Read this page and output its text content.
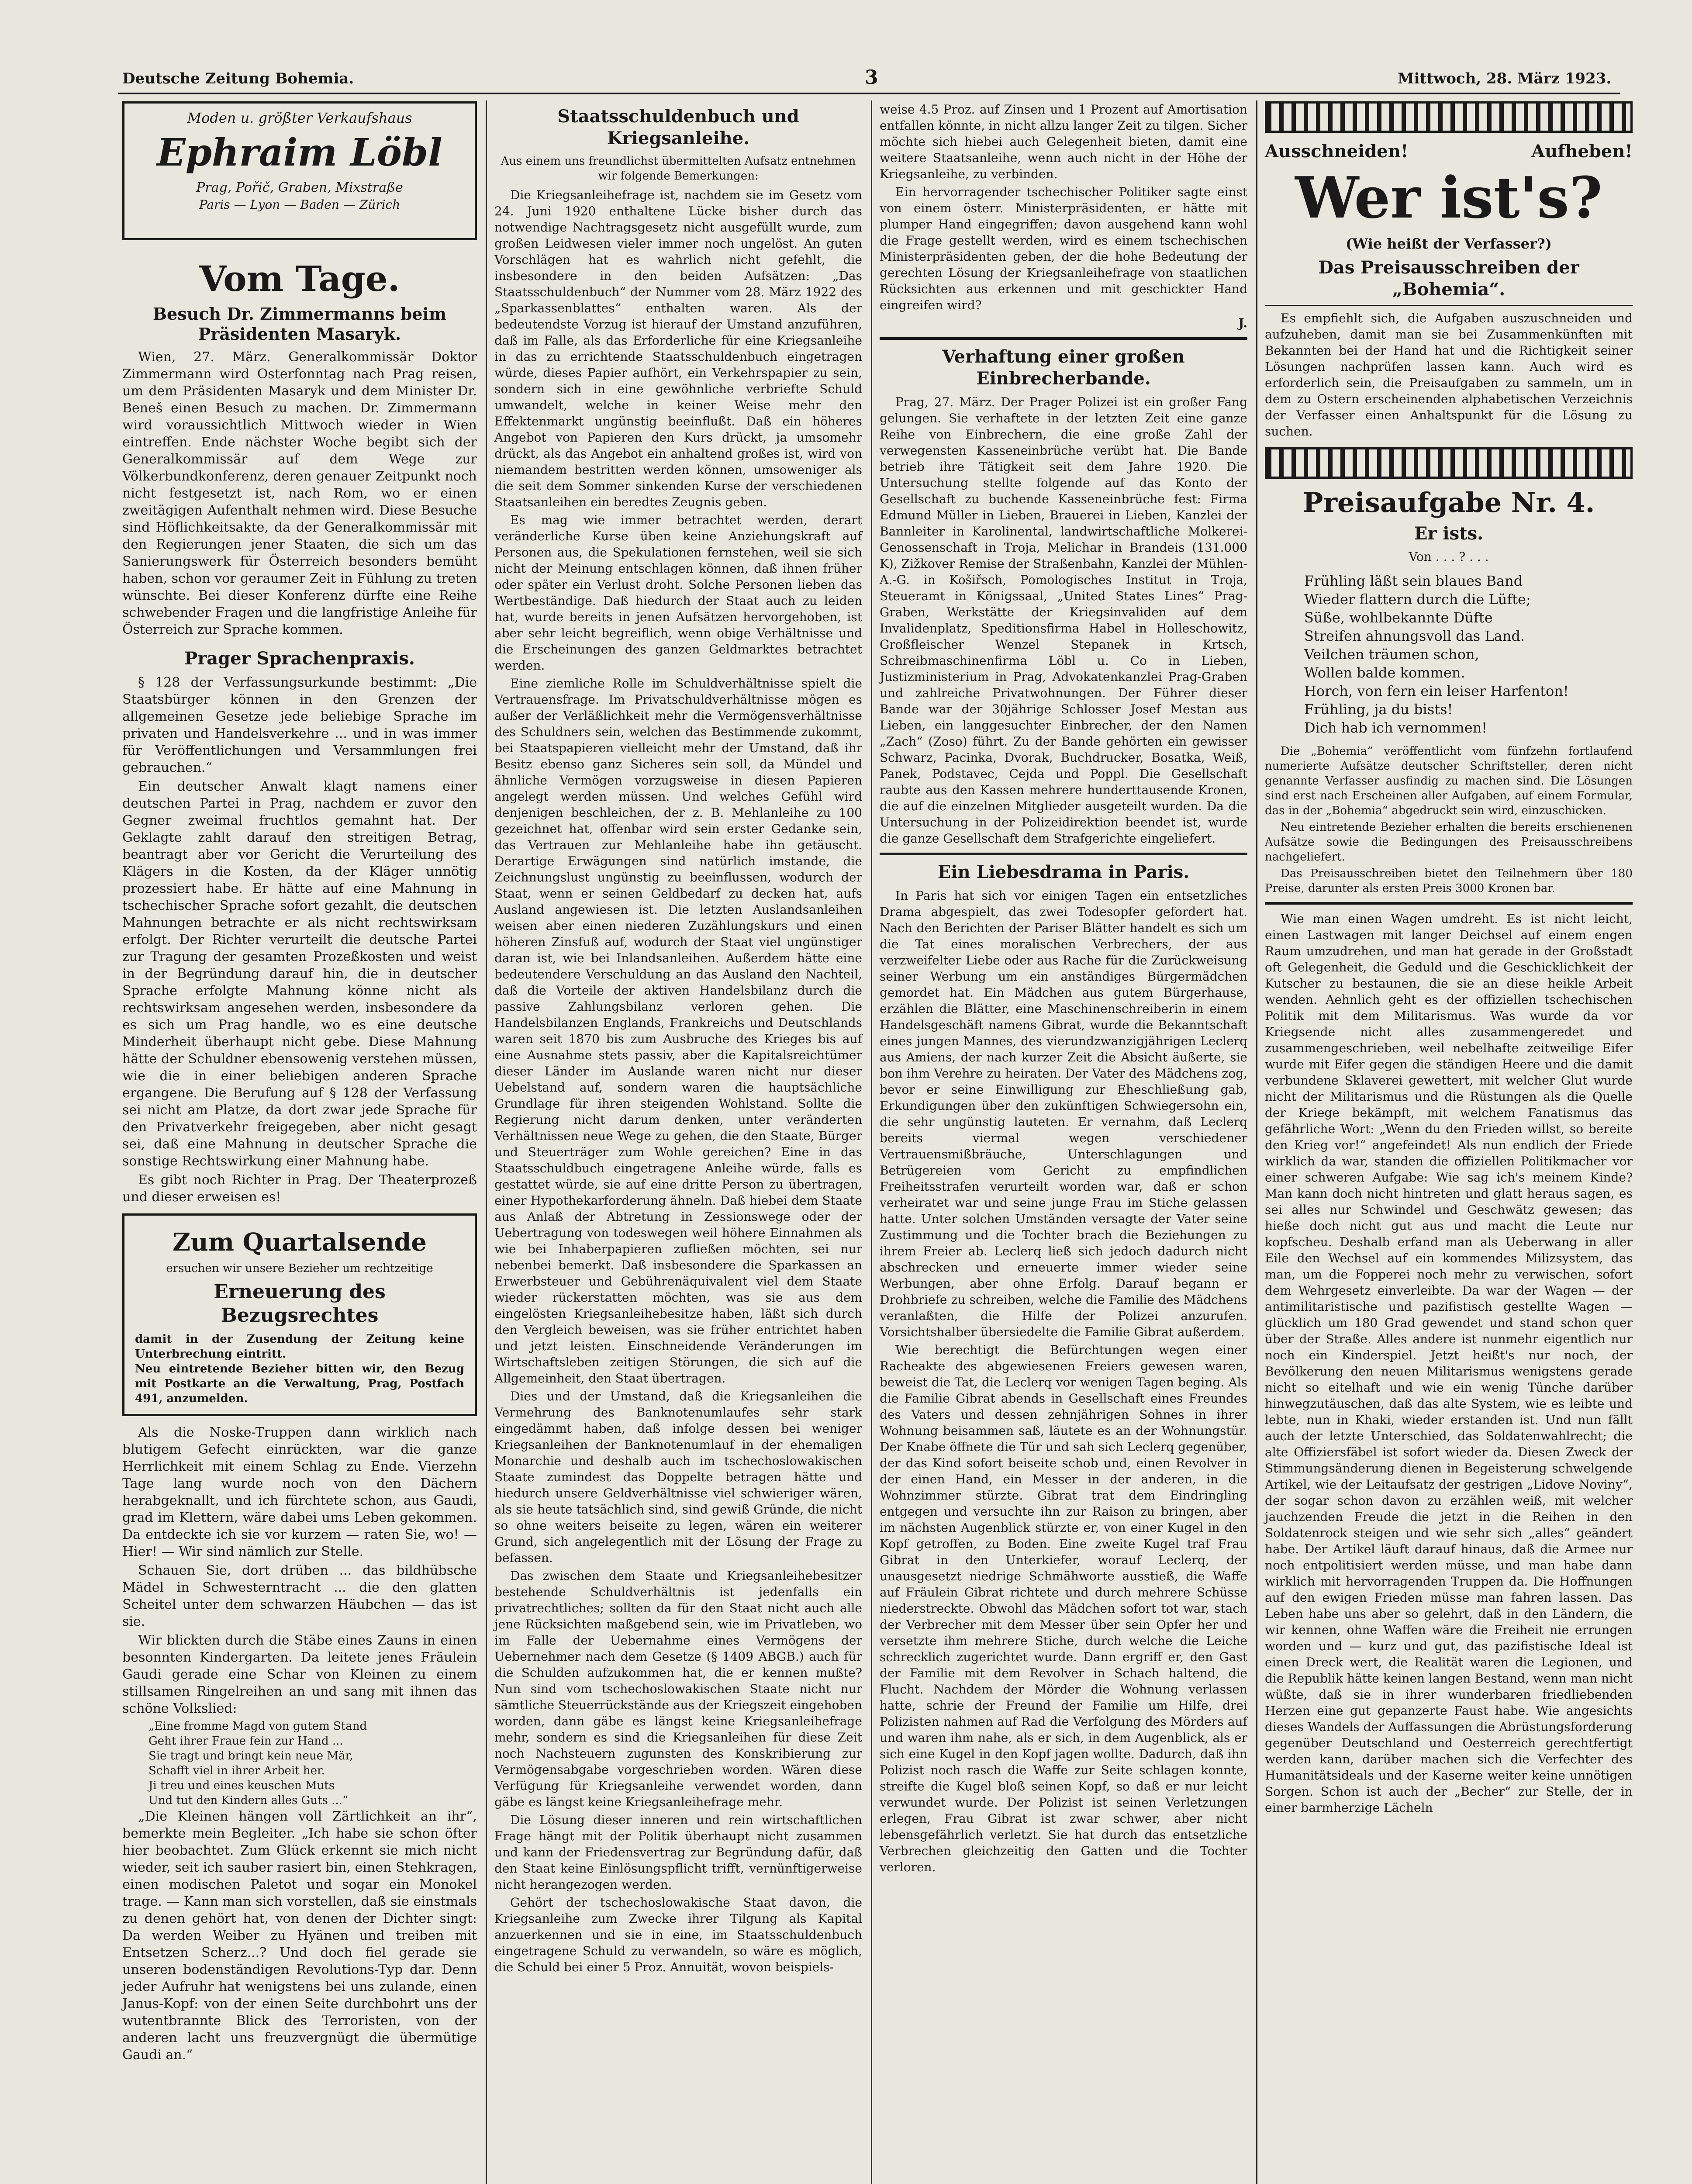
Deutsche Zeitung Bohemia.	3	Mittwoch, 28. März 1923.
Moden u. größter Verkaufshaus
Ephraim Löbl
Prag, Pořič, Graben, Mixstraße
Paris — Lyon — Baden — Zürich
Vom Tage.
Besuch Dr. Zimmermanns beim Präsidenten Masaryk.

Wien, 27. März. Generalkommissär Doktor Zimmermann wird Osterfonntag nach Prag reisen, um dem Präsidenten Masaryk und dem Minister Dr. Beneš einen Besuch zu machen. Dr. Zimmermann wird voraussichtlich Mittwoch wieder in Wien eintreffen. Ende nächster Woche begibt sich der Generalkommissär auf dem Wege zur Völkerbundkonferenz, deren genauer Zeitpunkt noch nicht festgesetzt ist, nach Rom, wo er einen zweitägigen Aufenthalt nehmen wird. Diese Besuche sind Höflichkeitsakte, da der Generalkommissär mit den Regierungen jener Staaten, die sich um das Sanierungswerk für Österreich besonders bemüht haben, schon vor geraumer Zeit in Fühlung zu treten wünschte. Bei dieser Konferenz dürfte eine Reihe schwebender Fragen und die langfristige Anleihe für Österreich zur Sprache kommen.

Prager Sprachenpraxis.

§ 128 der Verfassungsurkunde bestimmt: „Die Staatsbürger können in den Grenzen der allgemeinen Gesetze jede beliebige Sprache im privaten und Handelsverkehre ... und in was immer für Veröffentlichungen und Versammlungen frei gebrauchen.“

Ein deutscher Anwalt klagt namens einer deutschen Partei in Prag, nachdem er zuvor den Gegner zweimal fruchtlos gemahnt hat. Der Geklagte zahlt darauf den streitigen Betrag, beantragt aber vor Gericht die Verurteilung des Klägers in die Kosten, da der Kläger unnötig prozessiert habe. Er hätte auf eine Mahnung in tschechischer Sprache sofort gezahlt, die deutschen Mahnungen betrachte er als nicht rechtswirksam erfolgt. Der Richter verurteilt die deutsche Partei zur Tragung der gesamten Prozeßkosten und weist in der Begründung darauf hin, die in deutscher Sprache erfolgte Mahnung könne nicht als rechtswirksam angesehen werden, insbesondere da es sich um Prag handle, wo es eine deutsche Minderheit überhaupt nicht gebe. Diese Mahnung hätte der Schuldner ebensowenig verstehen müssen, wie die in einer beliebigen anderen Sprache ergangene. Die Berufung auf § 128 der Verfassung sei nicht am Platze, da dort zwar jede Sprache für den Privatverkehr freigegeben, aber nicht gesagt sei, daß eine Mahnung in deutscher Sprache die sonstige Rechtswirkung einer Mahnung habe.

Es gibt noch Richter in Prag. Der Theaterprozeß und dieser erweisen es!

Zum Quartalsende
ersuchen wir unsere Bezieher um rechtzeitige
Erneuerung des Bezugsrechtes
damit in der Zusendung der Zeitung keine Unterbrechung eintritt.
Neu eintretende Bezieher bitten wir, den Bezug mit Postkarte an die Verwaltung, Prag, Postfach 491, anzumelden.

Als die Noske-Truppen dann wirklich nach blutigem Gefecht einrückten, war die ganze Herrlichkeit mit einem Schlag zu Ende. Vierzehn Tage lang wurde noch von den Dächern herabgeknallt, und ich fürchtete schon, aus Gaudi, grad im Klettern, wäre dabei ums Leben gekommen. Da entdeckte ich sie vor kurzem — raten Sie, wo! — Hier! — Wir sind nämlich zur Stelle.

Schauen Sie, dort drüben ... das bildhübsche Mädel in Schwesterntracht ... die den glatten Scheitel unter dem schwarzen Häubchen — das ist sie.

Wir blickten durch die Stäbe eines Zauns in einen besonnten Kindergarten. Da leitete jenes Fräulein Gaudi gerade eine Schar von Kleinen zu einem stillsamen Ringelreihen an und sang mit ihnen das schöne Volkslied:

„Eine fromme Magd von gutem Stand
Geht ihrer Fraue fein zur Hand ...
Sie tragt und bringt kein neue Mär,
Schafft viel in ihrer Arbeit her.
Ji treu und eines keuschen Muts
Und tut den Kindern alles Guts ...“

„Die Kleinen hängen voll Zärtlichkeit an ihr“, bemerkte mein Begleiter. „Ich habe sie schon öfter hier beobachtet. Zum Glück erkennt sie mich nicht wieder, seit ich sauber rasiert bin, einen Stehkragen, einen modischen Paletot und sogar ein Monokel trage. — Kann man sich vorstellen, daß sie einstmals zu denen gehört hat, von denen der Dichter singt: Da werden Weiber zu Hyänen und treiben mit Entsetzen Scherz...? Und doch fiel gerade sie unseren bodenständigen Revolutions-Typ dar. Denn jeder Aufruhr hat wenigstens bei uns zulande, einen Janus-Kopf: von der einen Seite durchbohrt uns der wutentbrannte Blick des Terroristen, von der anderen lacht uns freuzvergnügt die übermütige Gaudi an.“

Staatsschuldenbuch und Kriegsanleihe.
Aus einem uns freundlichst übermittelten Aufsatz entnehmen wir folgende Bemerkungen:

Die Kriegsanleihefrage ist, nachdem sie im Gesetz vom 24. Juni 1920 enthaltene Lücke bisher durch das notwendige Nachtragsgesetz nicht ausgefüllt wurde, zum großen Leidwesen vieler immer noch ungelöst. An guten Vorschlägen hat es wahrlich nicht gefehlt, die insbesondere in den beiden Aufsätzen: „Das Staatsschuldenbuch“ der Nummer vom 28. März 1922 des „Sparkassenblattes“ enthalten waren. Als der bedeutendste Vorzug ist hierauf der Umstand anzuführen, daß im Falle, als das Erforderliche für eine Kriegsanleihe in das zu errichtende Staatsschuldenbuch eingetragen würde, dieses Papier aufhört, ein Verkehrspapier zu sein, sondern sich in eine gewöhnliche verbriefte Schuld umwandelt, welche in keiner Weise mehr den Effektenmarkt ungünstig beeinflußt. Daß ein höheres Angebot von Papieren den Kurs drückt, ja umsomehr drückt, als das Angebot ein anhaltend großes ist, wird von niemandem bestritten werden können, umsoweniger als die seit dem Sommer sinkenden Kurse der verschiedenen Staatsanleihen ein beredtes Zeugnis geben.

Es mag wie immer betrachtet werden, derart veränderliche Kurse üben keine Anziehungskraft auf Personen aus, die Spekulationen fernstehen, weil sie sich nicht der Meinung entschlagen können, daß ihnen früher oder später ein Verlust droht. Solche Personen lieben das Wertbeständige. Daß hiedurch der Staat auch zu leiden hat, wurde bereits in jenen Aufsätzen hervorgehoben, ist aber sehr leicht begreiflich, wenn obige Verhältnisse und die Erscheinungen des ganzen Geldmarktes betrachtet werden.

Eine ziemliche Rolle im Schuldverhältnisse spielt die Vertrauensfrage. Im Privatschuldverhältnisse mögen es außer der Verläßlichkeit mehr die Vermögensverhältnisse des Schuldners sein, welchen das Bestimmende zukommt, bei Staatspapieren vielleicht mehr der Umstand, daß ihr Besitz ebenso ganz Sicheres sein soll, da Mündel und ähnliche Vermögen vorzugsweise in diesen Papieren angelegt werden müssen. Und welches Gefühl wird denjenigen beschleichen, der z. B. Mehlanleihe zu 100 gezeichnet hat, offenbar wird sein erster Gedanke sein, das Vertrauen zur Mehlanleihe habe ihn getäuscht. Derartige Erwägungen sind natürlich imstande, die Zeichnungslust ungünstig zu beeinflussen, wodurch der Staat, wenn er seinen Geldbedarf zu decken hat, aufs Ausland angewiesen ist. Die letzten Auslandsanleihen weisen aber einen niederen Zuzählungskurs und einen höheren Zinsfuß auf, wodurch der Staat viel ungünstiger daran ist, wie bei Inlandsanleihen. Außerdem hätte eine bedeutendere Verschuldung an das Ausland den Nachteil, daß die Vorteile der aktiven Handelsbilanz durch die passive Zahlungsbilanz verloren gehen. Die Handelsbilanzen Englands, Frankreichs und Deutschlands waren seit 1870 bis zum Ausbruche des Krieges bis auf eine Ausnahme stets passiv, aber die Kapitalsreichtümer dieser Länder im Auslande waren nicht nur dieser Uebelstand auf, sondern waren die hauptsächliche Grundlage für ihren steigenden Wohlstand. Sollte die Regierung nicht darum denken, unter veränderten Verhältnissen neue Wege zu gehen, die den Staate, Bürger und Steuerträger zum Wohle gereichen? Eine in das Staatsschuldbuch eingetragene Anleihe würde, falls es gestattet würde, sie auf eine dritte Person zu übertragen, einer Hypothekarforderung ähneln. Daß hiebei dem Staate aus Anlaß der Abtretung in Zessionswege oder der Uebertragung von todeswegen weil höhere Einnahmen als wie bei Inhaberpapieren zufließen möchten, sei nur nebenbei bemerkt. Daß insbesondere die Sparkassen an Erwerbsteuer und Gebührenäquivalent viel dem Staate wieder rückerstatten möchten, was sie aus dem eingelösten Kriegsanleihebesitze haben, läßt sich durch den Vergleich beweisen, was sie früher entrichtet haben und jetzt leisten. Einschneidende Veränderungen im Wirtschaftsleben zeitigen Störungen, die sich auf die Allgemeinheit, den Staat übertragen.

Dies und der Umstand, daß die Kriegsanleihen die Vermehrung des Banknotenumlaufes sehr stark eingedämmt haben, daß infolge dessen bei weniger Kriegsanleihen der Banknotenumlauf in der ehemaligen Monarchie und deshalb auch im tschechoslowakischen Staate zumindest das Doppelte betragen hätte und hiedurch unsere Geldverhältnisse viel schwieriger wären, als sie heute tatsächlich sind, sind gewiß Gründe, die nicht so ohne weiters beiseite zu legen, wären ein weiterer Grund, sich angelegentlich mit der Lösung der Frage zu befassen.

Das zwischen dem Staate und Kriegsanleihebesitzer bestehende Schuldverhältnis ist jedenfalls ein privatrechtliches; sollten da für den Staat nicht auch alle jene Rücksichten maßgebend sein, wie im Privatleben, wo im Falle der Uebernahme eines Vermögens der Uebernehmer nach dem Gesetze (§ 1409 ABGB.) auch für die Schulden aufzukommen hat, die er kennen mußte? Nun sind vom tschechoslowakischen Staate nicht nur sämtliche Steuerrückstände aus der Kriegszeit eingehoben worden, dann gäbe es längst keine Kriegsanleihefrage mehr, sondern es sind die Kriegsanleihen für diese Zeit noch Nachsteuern zugunsten des Konskribierung zur Vermögensabgabe vorgeschrieben worden. Wären diese Verfügung für Kriegsanleihe verwendet worden, dann gäbe es längst keine Kriegsanleihefrage mehr.

Die Lösung dieser inneren und rein wirtschaftlichen Frage hängt mit der Politik überhaupt nicht zusammen und kann der Friedensvertrag zur Begründung dafür, daß den Staat keine Einlösungspflicht trifft, vernünftigerweise nicht herangezogen werden.

Gehört der tschechoslowakische Staat davon, die Kriegsanleihe zum Zwecke ihrer Tilgung als Kapital anzuerkennen und sie in eine, im Staatsschuldenbuch eingetragene Schuld zu verwandeln, so wäre es möglich, die Schuld bei einer 5 Proz. Annuität, wovon beispiels-

weise 4.5 Proz. auf Zinsen und 1 Prozent auf Amortisation entfallen könnte, in nicht allzu langer Zeit zu tilgen. Sicher möchte sich hiebei auch Gelegenheit bieten, damit eine weitere Staatsanleihe, wenn auch nicht in der Höhe der Kriegsanleihe, zu verbinden.

Ein hervorragender tschechischer Politiker sagte einst von einem österr. Ministerpräsidenten, er hätte mit plumper Hand eingegriffen; davon ausgehend kann wohl die Frage gestellt werden, wird es einem tschechischen Ministerpräsidenten geben, der die hohe Bedeutung der gerechten Lösung der Kriegsanleihefrage von staatlichen Rücksichten aus erkennen und mit geschickter Hand eingreifen wird?

J.
Verhaftung einer großen Einbrecherbande.

Prag, 27. März. Der Prager Polizei ist ein großer Fang gelungen. Sie verhaftete in der letzten Zeit eine ganze Reihe von Einbrechern, die eine große Zahl der verwegensten Kasseneinbrüche verübt hat. Die Bande betrieb ihre Tätigkeit seit dem Jahre 1920. Die Untersuchung stellte folgende auf das Konto der Gesellschaft zu buchende Kasseneinbrüche fest: Firma Edmund Müller in Lieben, Brauerei in Lieben, Kanzlei der Bannleiter in Karolinental, landwirtschaftliche Molkerei-Genossenschaft in Troja, Melichar in Brandeis (131.000 K), Zižkover Remise der Straßenbahn, Kanzlei der Mühlen-A.-G. in Košiřsch, Pomologisches Institut in Troja, Steueramt in Königssaal, „United States Lines“ Prag-Graben, Werkstätte der Kriegsinvaliden auf dem Invalidenplatz, Speditionsfirma Habel in Holleschowitz, Großfleischer Wenzel Stepanek in Krtsch, Schreibmaschinenfirma Löbl u. Co in Lieben, Justizministerium in Prag, Advokatenkanzlei Prag-Graben und zahlreiche Privatwohnungen. Der Führer dieser Bande war der 30jährige Schlosser Josef Mestan aus Lieben, ein langgesuchter Einbrecher, der den Namen „Zach“ (Zoso) führt. Zu der Bande gehörten ein gewisser Schwarz, Pacinka, Dvorak, Buchdrucker, Bosatka, Weiß, Panek, Podstavec, Cejda und Poppl. Die Gesellschaft raubte aus den Kassen mehrere hunderttausende Kronen, die auf die einzelnen Mitglieder ausgeteilt wurden. Da die Untersuchung in der Polizeidirektion beendet ist, wurde die ganze Gesellschaft dem Strafgerichte eingeliefert.

Ein Liebesdrama in Paris.

In Paris hat sich vor einigen Tagen ein entsetzliches Drama abgespielt, das zwei Todesopfer gefordert hat. Nach den Berichten der Pariser Blätter handelt es sich um die Tat eines moralischen Verbrechers, der aus verzweifelter Liebe oder aus Rache für die Zurückweisung seiner Werbung um ein anständiges Bürgermädchen gemordet hat. Ein Mädchen aus gutem Bürgerhause, erzählen die Blätter, eine Maschinenschreiberin in einem Handelsgeschäft namens Gibrat, wurde die Bekanntschaft eines jungen Mannes, des vierundzwanzigjährigen Leclerq aus Amiens, der nach kurzer Zeit die Absicht äußerte, sie bon ihm Verehre zu heiraten. Der Vater des Mädchens zog, bevor er seine Einwilligung zur Eheschließung gab, Erkundigungen über den zukünftigen Schwiegersohn ein, die sehr ungünstig lauteten. Er vernahm, daß Leclerq bereits viermal wegen verschiedener Vertrauensmißbräuche, Unterschlagungen und Betrügereien vom Gericht zu empfindlichen Freiheitsstrafen verurteilt worden war, daß er schon verheiratet war und seine junge Frau im Stiche gelassen hatte. Unter solchen Umständen versagte der Vater seine Zustimmung und die Tochter brach die Beziehungen zu ihrem Freier ab. Leclerq ließ sich jedoch dadurch nicht abschrecken und erneuerte immer wieder seine Werbungen, aber ohne Erfolg. Darauf begann er Drohbriefe zu schreiben, welche die Familie des Mädchens veranlaßten, die Hilfe der Polizei anzurufen. Vorsichtshalber übersiedelte die Familie Gibrat außerdem.

Wie berechtigt die Befürchtungen wegen einer Racheakte des abgewiesenen Freiers gewesen waren, beweist die Tat, die Leclerq vor wenigen Tagen beging. Als die Familie Gibrat abends in Gesellschaft eines Freundes des Vaters und dessen zehnjährigen Sohnes in ihrer Wohnung beisammen saß, läutete es an der Wohnungstür. Der Knabe öffnete die Tür und sah sich Leclerq gegenüber, der das Kind sofort beiseite schob und, einen Revolver in der einen Hand, ein Messer in der anderen, in die Wohnzimmer stürzte. Gibrat trat dem Eindringling entgegen und versuchte ihn zur Raison zu bringen, aber im nächsten Augenblick stürzte er, von einer Kugel in den Kopf getroffen, zu Boden. Eine zweite Kugel traf Frau Gibrat in den Unterkiefer, worauf Leclerq, der unausgesetzt niedrige Schmähworte ausstieß, die Waffe auf Fräulein Gibrat richtete und durch mehrere Schüsse niederstreckte. Obwohl das Mädchen sofort tot war, stach der Verbrecher mit dem Messer über sein Opfer her und versetzte ihm mehrere Stiche, durch welche die Leiche schrecklich zugerichtet wurde. Dann ergriff er, den Gast der Familie mit dem Revolver in Schach haltend, die Flucht. Nachdem der Mörder die Wohnung verlassen hatte, schrie der Freund der Familie um Hilfe, drei Polizisten nahmen auf Rad die Verfolgung des Mörders auf und waren ihm nahe, als er sich, in dem Augenblick, als er sich eine Kugel in den Kopf jagen wollte. Dadurch, daß ihn Polizist noch rasch die Waffe zur Seite schlagen konnte, streifte die Kugel bloß seinen Kopf, so daß er nur leicht verwundet wurde. Der Polizist ist seinen Verletzungen erlegen, Frau Gibrat ist zwar schwer, aber nicht lebensgefährlich verletzt. Sie hat durch das entsetzliche Verbrechen gleichzeitig den Gatten und die Tochter verloren.

Ausschneiden!	Aufheben!
Wer ist's?
(Wie heißt der Verfasser?)
Das Preisausschreiben der „Bohemia“.

Es empfiehlt sich, die Aufgaben auszuschneiden und aufzuheben, damit man sie bei Zusammenkünften mit Bekannten bei der Hand hat und die Richtigkeit seiner Lösungen nachprüfen lassen kann. Auch wird es erforderlich sein, die Preisaufgaben zu sammeln, um in dem zu Ostern erscheinenden alphabetischen Verzeichnis der Verfasser einen Anhaltspunkt für die Lösung zu suchen.

Preisaufgabe Nr. 4.
Er ists.
Von . . . ? . . .
Frühling läßt sein blaues Band
Wieder flattern durch die Lüfte;
Süße, wohlbekannte Düfte
Streifen ahnungsvoll das Land.
Veilchen träumen schon,
Wollen balde kommen.
Horch, von fern ein leiser Harfenton!
Frühling, ja du bists!
Dich hab ich vernommen!

Die „Bohemia“ veröffentlicht vom fünfzehn fortlaufend numerierte Aufsätze deutscher Schriftsteller, deren nicht genannte Verfasser ausfindig zu machen sind. Die Lösungen sind erst nach Erscheinen aller Aufgaben, auf einem Formular, das in der „Bohemia“ abgedruckt sein wird, einzuschicken.

Neu eintretende Bezieher erhalten die bereits erschienenen Aufsätze sowie die Bedingungen des Preisausschreibens nachgeliefert.

Das Preisausschreiben bietet den Teilnehmern über 180 Preise, darunter als ersten Preis 3000 Kronen bar.

Wie man einen Wagen umdreht. Es ist nicht leicht, einen Lastwagen mit langer Deichsel auf einem engen Raum umzudrehen, und man hat gerade in der Großstadt oft Gelegenheit, die Geduld und die Geschicklichkeit der Kutscher zu bestaunen, die sie an diese heikle Arbeit wenden. Aehnlich geht es der offiziellen tschechischen Politik mit dem Militarismus. Was wurde da vor Kriegsende nicht alles zusammengeredet und zusammengeschrieben, weil nebelhafte zeitweilige Eifer wurde mit Eifer gegen die ständigen Heere und die damit verbundene Sklaverei gewettert, mit welcher Glut wurde nicht der Militarismus und die Rüstungen als die Quelle der Kriege bekämpft, mit welchem Fanatismus das gefährliche Wort: „Wenn du den Frieden willst, so bereite den Krieg vor!“ angefeindet! Als nun endlich der Friede wirklich da war, standen die offiziellen Politikmacher vor einer schweren Aufgabe: Wie sag ich's meinem Kinde? Man kann doch nicht hintreten und glatt heraus sagen, es sei alles nur Schwindel und Geschwätz gewesen; das hieße doch nicht gut aus und macht die Leute nur kopfscheu. Deshalb erfand man als Ueberwang in aller Eile den Wechsel auf ein kommendes Milizsystem, das man, um die Fopperei noch mehr zu verwischen, sofort dem Wehrgesetz einverleibte. Da war der Wagen — der antimilitaristische und pazifistisch gestellte Wagen — glücklich um 180 Grad gewendet und stand schon quer über der Straße. Alles andere ist nunmehr eigentlich nur noch ein Kinderspiel. Jetzt heißt's nur noch, der Bevölkerung den neuen Militarismus wenigstens gerade nicht so eitelhaft und wie ein wenig Tünche darüber hinwegzutäuschen, daß das alte System, wie es leibte und lebte, nun in Khaki, wieder erstanden ist. Und nun fällt auch der letzte Unterschied, das Soldatenwahlrecht; die alte Offiziersfäbel ist sofort wieder da. Diesen Zweck der Stimmungsänderung dienen in Begeisterung schwelgende Artikel, wie der Leitaufsatz der gestrigen „Lidove Noviny“, der sogar schon davon zu erzählen weiß, mit welcher jauchzenden Freude die jetzt in die Reihen in den Soldatenrock steigen und wie sehr sich „alles“ geändert habe. Der Artikel läuft darauf hinaus, daß die Armee nur noch entpolitisiert werden müsse, und man habe dann wirklich mit hervorragenden Truppen da. Die Hoffnungen auf den ewigen Frieden müsse man fahren lassen. Das Leben habe uns aber so gelehrt, daß in den Ländern, die wir kennen, ohne Waffen wäre die Freiheit nie errungen worden und — kurz und gut, das pazifistische Ideal ist einen Dreck wert, die Realität waren die Legionen, und die Republik hätte keinen langen Bestand, wenn man nicht wüßte, daß sie in ihrer wunderbaren friedliebenden Herzen eine gut gepanzerte Faust habe. Wie angesichts dieses Wandels der Auffassungen die Abrüstungsforderung gegenüber Deutschland und Oesterreich gerechtfertigt werden kann, darüber machen sich die Verfechter des Humanitätsideals und der Kaserne weiter keine unnötigen Sorgen. Schon ist auch der „Becher“ zur Stelle, der in einer barmherzige Lächeln
